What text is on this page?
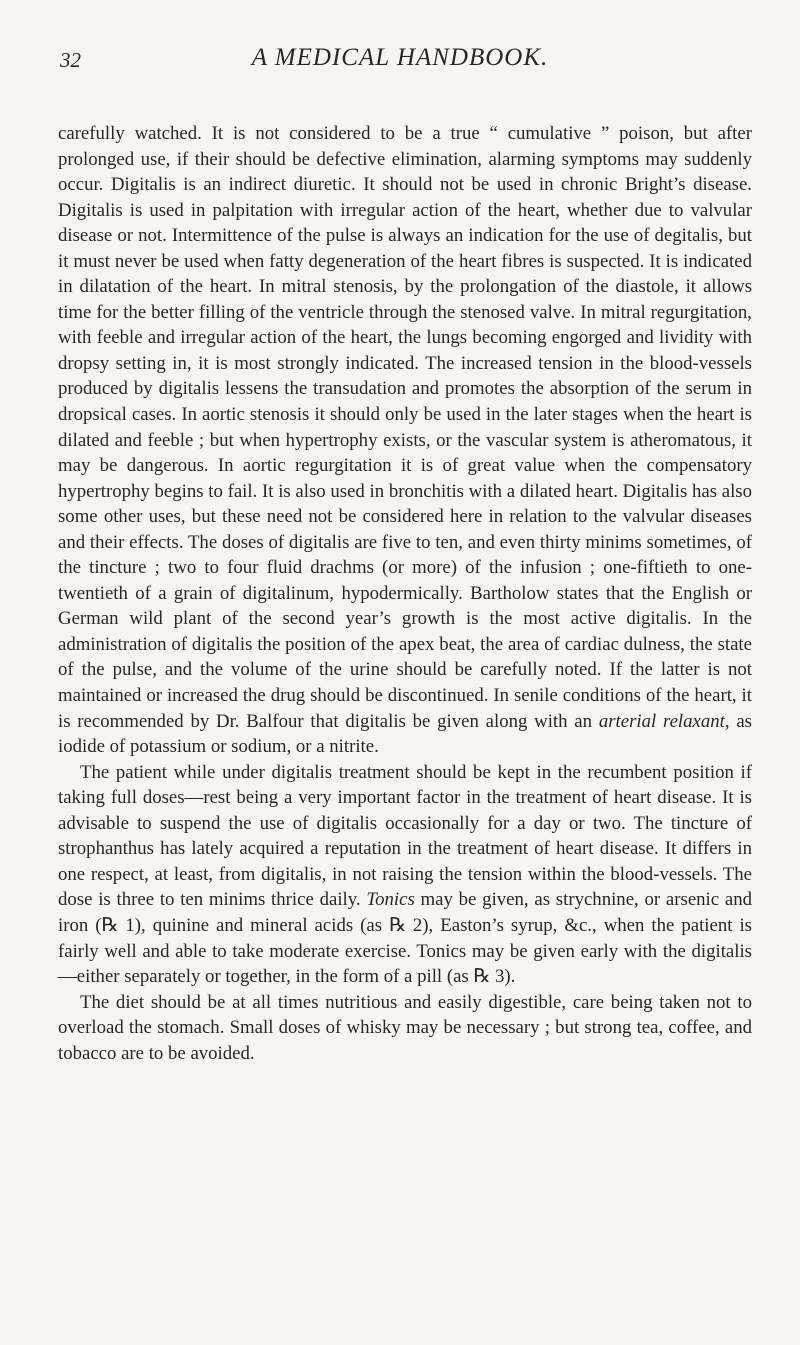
32	A MEDICAL HANDBOOK.

carefully watched. It is not considered to be a true “ cumulative ” poison, but after prolonged use, if their should be defective elimination, alarming symptoms may suddenly occur. Digitalis is an indirect diuretic. It should not be used in chronic Bright’s disease. Digitalis is used in palpitation with irregular action of the heart, whether due to valvular disease or not. Intermittence of the pulse is always an indication for the use of degitalis, but it must never be used when fatty degeneration of the heart fibres is suspected. It is indicated in dilatation of the heart. In mitral stenosis, by the prolongation of the diastole, it allows time for the better filling of the ventricle through the stenosed valve. In mitral regurgitation, with feeble and irregular action of the heart, the lungs becoming engorged and lividity with dropsy setting in, it is most strongly indicated. The increased tension in the blood-vessels produced by digitalis lessens the transudation and promotes the absorption of the serum in dropsical cases. In aortic stenosis it should only be used in the later stages when the heart is dilated and feeble ; but when hypertrophy exists, or the vascular system is atheromatous, it may be dangerous. In aortic regurgitation it is of great value when the compensatory hypertrophy begins to fail. It is also used in bronchitis with a dilated heart. Digitalis has also some other uses, but these need not be considered here in relation to the valvular diseases and their effects. The doses of digitalis are five to ten, and even thirty minims sometimes, of the tincture ; two to four fluid drachms (or more) of the infusion ; one-fiftieth to one-twentieth of a grain of digitalinum, hypodermically. Bartholow states that the English or German wild plant of the second year’s growth is the most active digitalis. In the administration of digitalis the position of the apex beat, the area of cardiac dulness, the state of the pulse, and the volume of the urine should be carefully noted. If the latter is not maintained or increased the drug should be discontinued. In senile conditions of the heart, it is recommended by Dr. Balfour that digitalis be given along with an arterial relaxant, as iodide of potassium or sodium, or a nitrite.

The patient while under digitalis treatment should be kept in the recumbent position if taking full doses—rest being a very important factor in the treatment of heart disease. It is advisable to suspend the use of digitalis occasionally for a day or two. The tincture of strophanthus has lately acquired a reputation in the treatment of heart disease. It differs in one respect, at least, from digitalis, in not raising the tension within the blood-vessels. The dose is three to ten minims thrice daily. Tonics may be given, as strychnine, or arsenic and iron (℞ 1), quinine and mineral acids (as ℞ 2), Easton’s syrup, &c., when the patient is fairly well and able to take moderate exercise. Tonics may be given early with the digitalis—either separately or together, in the form of a pill (as ℞ 3).

The diet should be at all times nutritious and easily digestible, care being taken not to overload the stomach. Small doses of whisky may be necessary ; but strong tea, coffee, and tobacco are to be avoided.
